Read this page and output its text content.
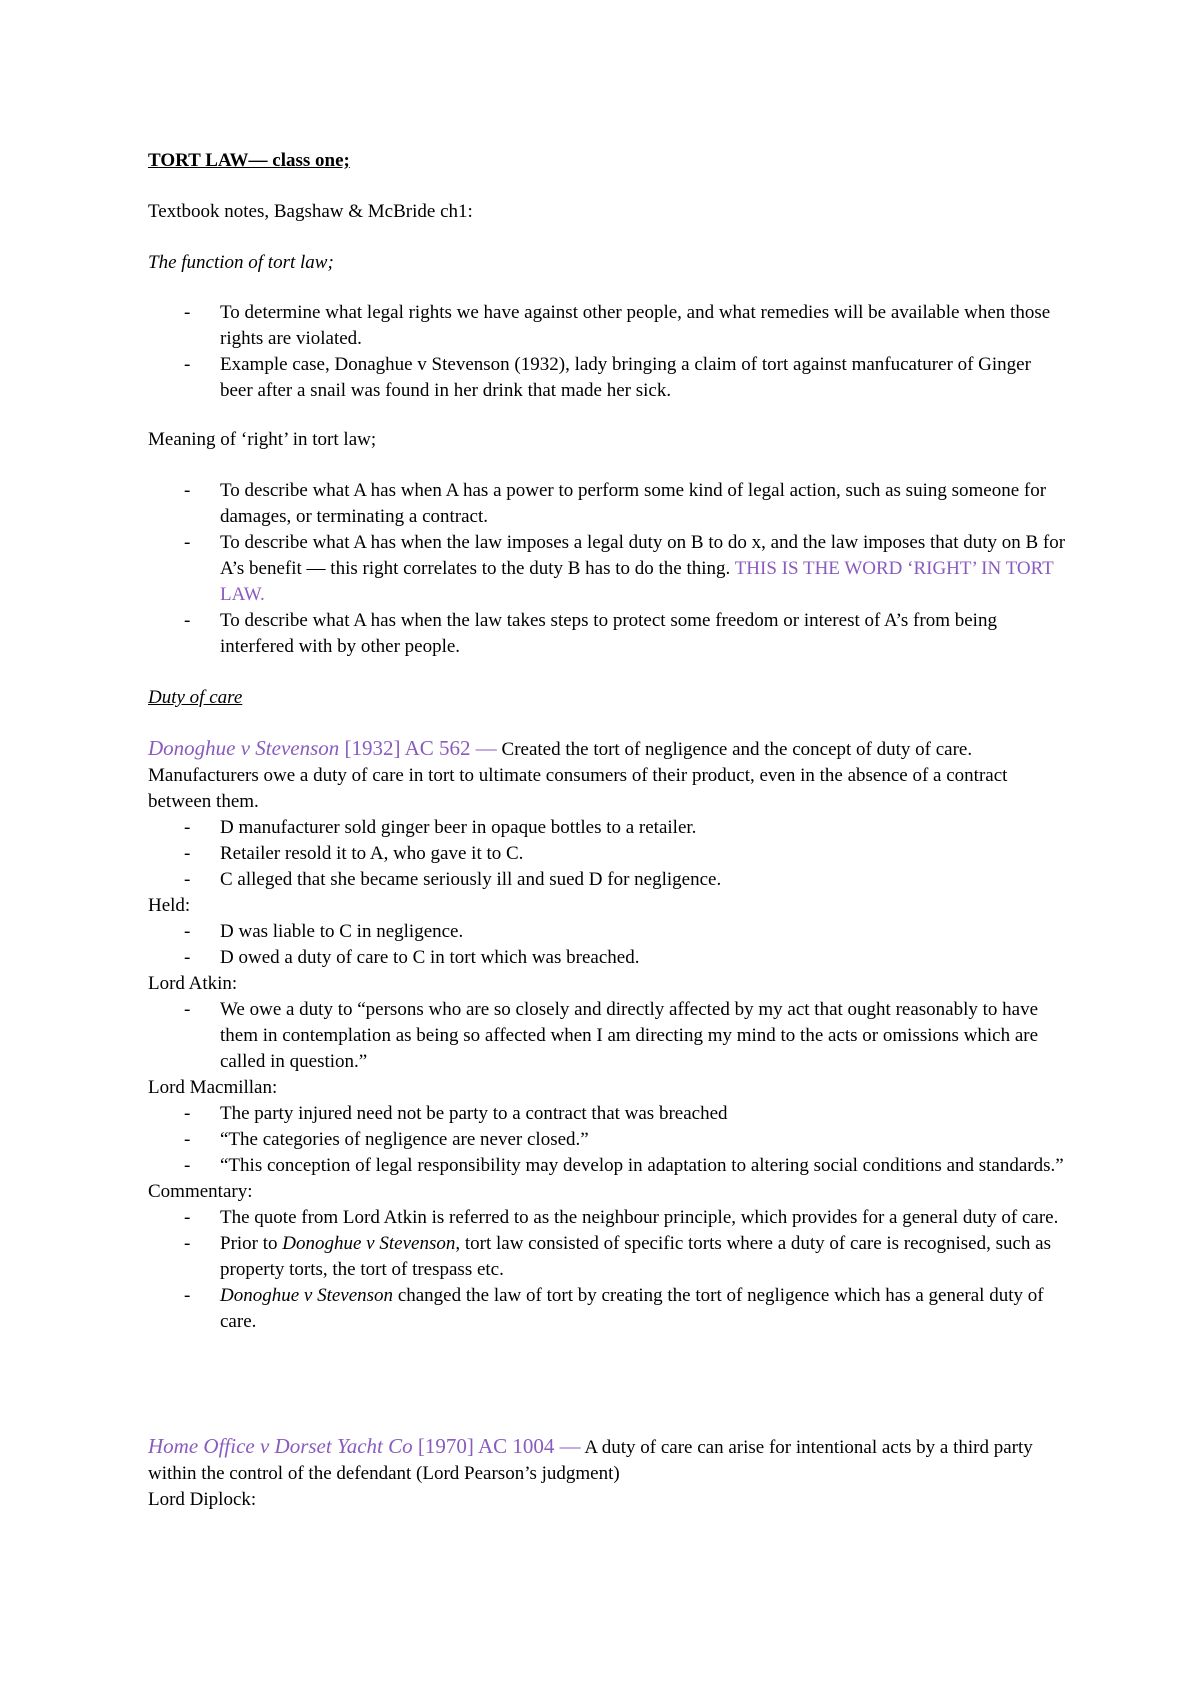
TORT LAW— class one;
Textbook notes, Bagshaw & McBride ch1:
The function of tort law;
- To determine what legal rights we have against other people, and what remedies will be available when those rights are violated.
- Example case, Donaghue v Stevenson (1932), lady bringing a claim of tort against manfucaturer of Ginger beer after a snail was found in her drink that made her sick.
Meaning of ‘right’ in tort law;
- To describe what A has when A has a power to perform some kind of legal action, such as suing someone for damages, or terminating a contract.
- To describe what A has when the law imposes a legal duty on B to do x, and the law imposes that duty on B for A’s benefit — this right correlates to the duty B has to do the thing. THIS IS THE WORD ‘RIGHT’ IN TORT LAW.
- To describe what A has when the law takes steps to protect some freedom or interest of A’s from being interfered with by other people.
Duty of care
Donoghue v Stevenson [1932] AC 562 — Created the tort of negligence and the concept of duty of care. Manufacturers owe a duty of care in tort to ultimate consumers of their product, even in the absence of a contract between them.
- D manufacturer sold ginger beer in opaque bottles to a retailer.
- Retailer resold it to A, who gave it to C.
- C alleged that she became seriously ill and sued D for negligence.
Held:
- D was liable to C in negligence.
- D owed a duty of care to C in tort which was breached.
Lord Atkin:
- We owe a duty to “persons who are so closely and directly affected by my act that ought reasonably to have them in contemplation as being so affected when I am directing my mind to the acts or omissions which are called in question.”
Lord Macmillan:
- The party injured need not be party to a contract that was breached
- “The categories of negligence are never closed.”
- “This conception of legal responsibility may develop in adaptation to altering social conditions and standards.”
Commentary:
- The quote from Lord Atkin is referred to as the neighbour principle, which provides for a general duty of care.
- Prior to Donoghue v Stevenson, tort law consisted of specific torts where a duty of care is recognised, such as property torts, the tort of trespass etc.
- Donoghue v Stevenson changed the law of tort by creating the tort of negligence which has a general duty of care.
Home Office v Dorset Yacht Co [1970] AC 1004 — A duty of care can arise for intentional acts by a third party within the control of the defendant (Lord Pearson’s judgment)
Lord Diplock:
